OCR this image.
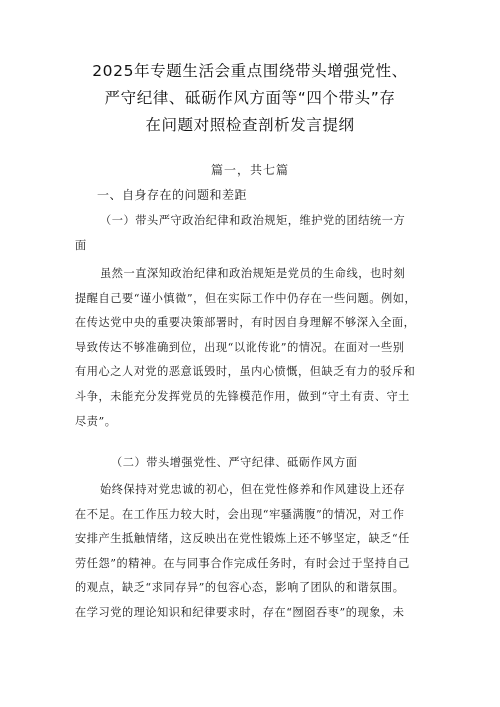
2025年专题生活会重点围绕带头增强党性、
严守纪律、砥砺作风方面等“四个带头”存
在问题对照检查剖析发言提纲
篇一，共七篇
一、自身存在的问题和差距
（一）带头严守政治纪律和政治规矩，维护党的团结统一方
面
虽然一直深知政治纪律和政治规矩是党员的生命线，也时刻
提醒自己要“谨小慎微”，但在实际工作中仍存在一些问题。例如，
在传达党中央的重要决策部署时，有时因自身理解不够深入全面，
导致传达不够准确到位，出现“以讹传讹”的情况。在面对一些别
有用心之人对党的恶意诋毁时，虽内心愤慨，但缺乏有力的驳斥和
斗争，未能充分发挥党员的先锋模范作用，做到“守土有责、守土
尽责”。
（二）带头增强党性、严守纪律、砥砺作风方面
始终保持对党忠诚的初心，但在党性修养和作风建设上还存
在不足。在工作压力较大时，会出现“牢骚满腹”的情况，对工作
安排产生抵触情绪，这反映出在党性锻炼上还不够坚定，缺乏“任
劳任怨”的精神。在与同事合作完成任务时，有时会过于坚持自己
的观点，缺乏“求同存异”的包容心态，影响了团队的和谐氛围。
在学习党的理论知识和纪律要求时，存在“囫囵吞枣”的现象，未
